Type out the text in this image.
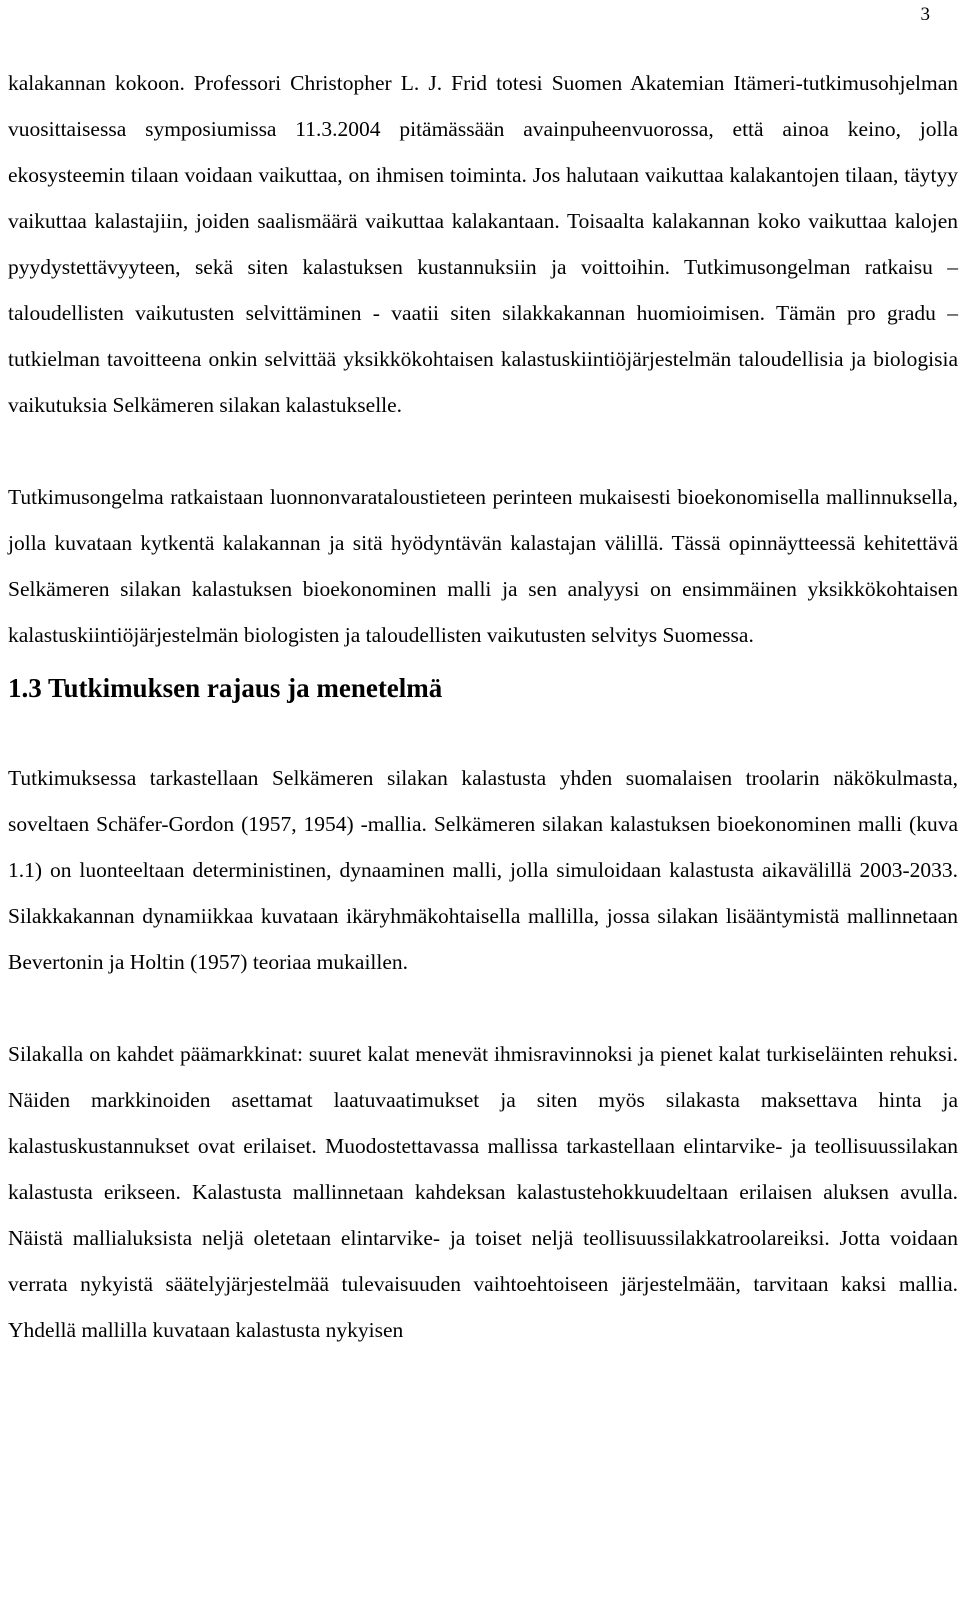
3

kalakannan kokoon. Professori Christopher L. J. Frid totesi Suomen Akatemian Itämeri-tutkimusohjelman vuosittaisessa symposiumissa 11.3.2004 pitämässään avainpuheenvuorossa, että ainoa keino, jolla ekosysteemin tilaan voidaan vaikuttaa, on ihmisen toiminta. Jos halutaan vaikuttaa kalakantojen tilaan, täytyy vaikuttaa kalastajiin, joiden saalismäärä vaikuttaa kalakantaan. Toisaalta kalakannan koko vaikuttaa kalojen pyydystettävyyteen, sekä siten kalastuksen kustannuksiin ja voittoihin. Tutkimusongelman ratkaisu – taloudellisten vaikutusten selvittäminen - vaatii siten silakkakannan huomioimisen. Tämän pro gradu –tutkielman tavoitteena onkin selvittää yksikkökohtaisen kalastuskiintiöjärjestelmän taloudellisia ja biologisia vaikutuksia Selkämeren silakan kalastukselle.

Tutkimusongelma ratkaistaan luonnonvarataloustieteen perinteen mukaisesti bioekonomisella mallinnuksella, jolla kuvataan kytkentä kalakannan ja sitä hyödyntävän kalastajan välillä. Tässä opinnäytteessä kehitettävä Selkämeren silakan kalastuksen bioekonominen malli ja sen analyysi on ensimmäinen yksikkökohtaisen kalastuskiintiöjärjestelmän biologisten ja taloudellisten vaikutusten selvitys Suomessa.

1.3 Tutkimuksen rajaus ja menetelmä

Tutkimuksessa tarkastellaan Selkämeren silakan kalastusta yhden suomalaisen troolarin näkökulmasta, soveltaen Schäfer-Gordon (1957, 1954) -mallia. Selkämeren silakan kalastuksen bioekonominen malli (kuva 1.1) on luonteeltaan deterministinen, dynaaminen malli, jolla simuloidaan kalastusta aikavälillä 2003-2033. Silakkakannan dynamiikkaa kuvataan ikäryhmäkohtaisella mallilla, jossa silakan lisääntymistä mallinnetaan Bevertonin ja Holtin (1957) teoriaa mukaillen.

Silakalla on kahdet päämarkkinat: suuret kalat menevät ihmisravinnoksi ja pienet kalat turkiseläinten rehuksi. Näiden markkinoiden asettamat laatuvaatimukset ja siten myös silakasta maksettava hinta ja kalastuskustannukset ovat erilaiset. Muodostettavassa mallissa tarkastellaan elintarvike- ja teollisuussilakan kalastusta erikseen. Kalastusta mallinnetaan kahdeksan kalastustehokkuudeltaan erilaisen aluksen avulla. Näistä mallialuksista neljä oletetaan elintarvike- ja toiset neljä teollisuussilakkatroolareiksi. Jotta voidaan verrata nykyistä säätelyjärjestelmää tulevaisuuden vaihtoehtoiseen järjestelmään, tarvitaan kaksi mallia. Yhdellä mallilla kuvataan kalastusta nykyisen
